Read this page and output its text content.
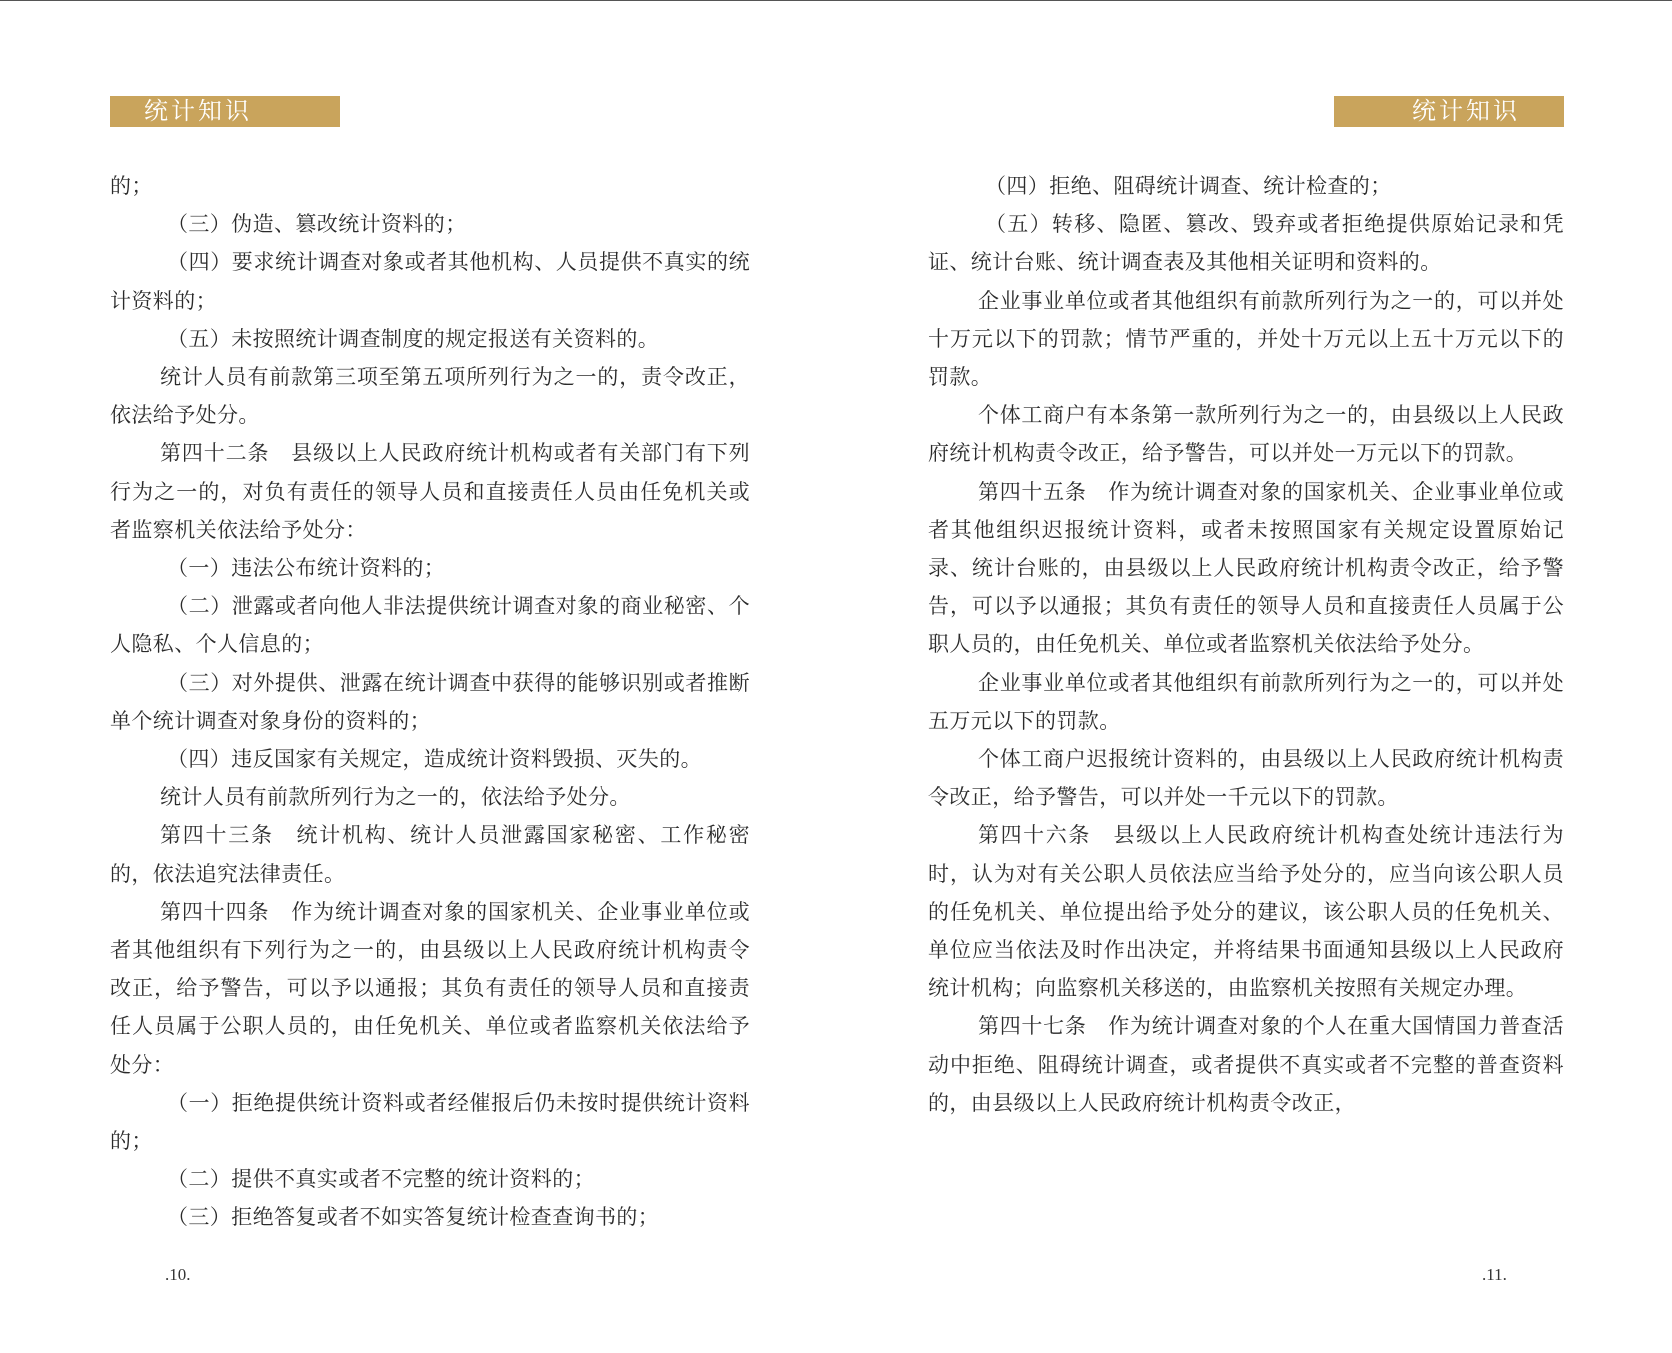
统计知识

的；

（三）伪造、篡改统计资料的；

（四）要求统计调查对象或者其他机构、人员提供不真实的统计资料的；

（五）未按照统计调查制度的规定报送有关资料的。

统计人员有前款第三项至第五项所列行为之一的，责令改正，依法给予处分。

第四十二条　县级以上人民政府统计机构或者有关部门有下列行为之一的，对负有责任的领导人员和直接责任人员由任免机关或者监察机关依法给予处分：

（一）违法公布统计资料的；

（二）泄露或者向他人非法提供统计调查对象的商业秘密、个人隐私、个人信息的；

（三）对外提供、泄露在统计调查中获得的能够识别或者推断单个统计调查对象身份的资料的；

（四）违反国家有关规定，造成统计资料毁损、灭失的。

统计人员有前款所列行为之一的，依法给予处分。

第四十三条　统计机构、统计人员泄露国家秘密、工作秘密的，依法追究法律责任。

第四十四条　作为统计调查对象的国家机关、企业事业单位或者其他组织有下列行为之一的，由县级以上人民政府统计机构责令改正，给予警告，可以予以通报；其负有责任的领导人员和直接责任人员属于公职人员的，由任免机关、单位或者监察机关依法给予处分：

（一）拒绝提供统计资料或者经催报后仍未按时提供统计资料的；

（二）提供不真实或者不完整的统计资料的；

（三）拒绝答复或者不如实答复统计检查查询书的；

.10.
统计知识

（四）拒绝、阻碍统计调查、统计检查的；

（五）转移、隐匿、篡改、毁弃或者拒绝提供原始记录和凭证、统计台账、统计调查表及其他相关证明和资料的。

企业事业单位或者其他组织有前款所列行为之一的，可以并处十万元以下的罚款；情节严重的，并处十万元以上五十万元以下的罚款。

个体工商户有本条第一款所列行为之一的，由县级以上人民政府统计机构责令改正，给予警告，可以并处一万元以下的罚款。

第四十五条　作为统计调查对象的国家机关、企业事业单位或者其他组织迟报统计资料，或者未按照国家有关规定设置原始记录、统计台账的，由县级以上人民政府统计机构责令改正，给予警告，可以予以通报；其负有责任的领导人员和直接责任人员属于公职人员的，由任免机关、单位或者监察机关依法给予处分。

企业事业单位或者其他组织有前款所列行为之一的，可以并处五万元以下的罚款。

个体工商户迟报统计资料的，由县级以上人民政府统计机构责令改正，给予警告，可以并处一千元以下的罚款。

第四十六条　县级以上人民政府统计机构查处统计违法行为时，认为对有关公职人员依法应当给予处分的，应当向该公职人员的任免机关、单位提出给予处分的建议，该公职人员的任免机关、单位应当依法及时作出决定，并将结果书面通知县级以上人民政府统计机构；向监察机关移送的，由监察机关按照有关规定办理。

第四十七条　作为统计调查对象的个人在重大国情国力普查活动中拒绝、阻碍统计调查，或者提供不真实或者不完整的普查资料的，由县级以上人民政府统计机构责令改正，

.11.
